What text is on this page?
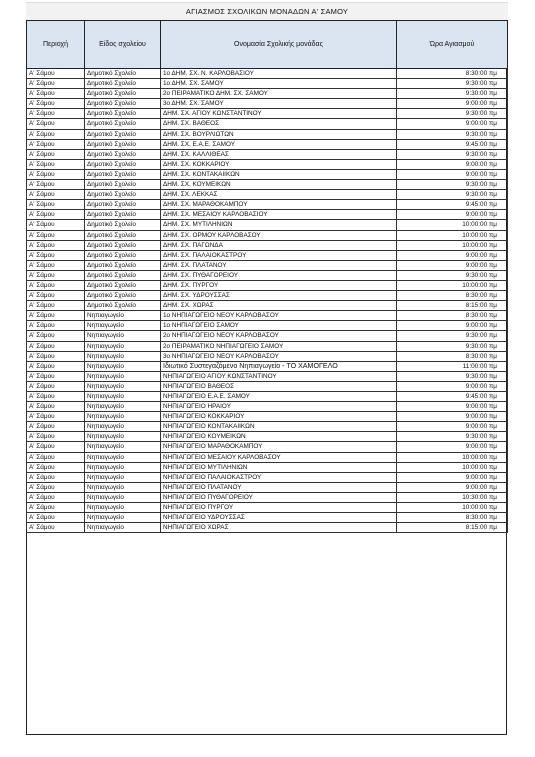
ΑΓΙΑΣΜΟΣ ΣΧΟΛΙΚΩΝ ΜΟΝΑΔΩΝ Α' ΣΑΜΟΥ
Περιοχή	Είδος σχολείου	Ονομασία Σχολικής μονάδας	Ώρα Αγιασμού
Α' Σάμου	Δημοτικό Σχολείο	1ο ΔΗΜ. ΣΧ. Ν. ΚΑΡΛΟΒΑΣΙΟΥ	8:30:00 πμ
Α' Σάμου	Δημοτικό Σχολείο	1ο ΔΗΜ. ΣΧ. ΣΑΜΟΥ	9:30:00 πμ
Α' Σάμου	Δημοτικό Σχολείο	2ο ΠΕΙΡΑΜΑΤΙΚΟ ΔΗΜ. ΣΧ. ΣΑΜΟΥ	9:30:00 πμ
Α' Σάμου	Δημοτικό Σχολείο	3ο ΔΗΜ. ΣΧ. ΣΑΜΟΥ	9:00:00 πμ
Α' Σάμου	Δημοτικό Σχολείο	ΔΗΜ. ΣΧ. ΑΓΙΟΥ ΚΩΝΣΤΑΝΤΙΝΟΥ	9:30:00 πμ
Α' Σάμου	Δημοτικό Σχολείο	ΔΗΜ. ΣΧ. ΒΑΘΕΟΣ	9:00:00 πμ
Α' Σάμου	Δημοτικό Σχολείο	ΔΗΜ. ΣΧ. ΒΟΥΡΛΙΩΤΩΝ	9:30:00 πμ
Α' Σάμου	Δημοτικό Σχολείο	ΔΗΜ. ΣΧ. Ε.Α.Ε. ΣΑΜΟΥ	9:45:00 πμ
Α' Σάμου	Δημοτικό Σχολείο	ΔΗΜ. ΣΧ. ΚΑΛΛΙΘΕΑΣ	9:30:00 πμ
Α' Σάμου	Δημοτικό Σχολείο	ΔΗΜ. ΣΧ. ΚΟΚΚΑΡΙΟΥ	9:00:00 πμ
Α' Σάμου	Δημοτικό Σχολείο	ΔΗΜ. ΣΧ. ΚΟΝΤΑΚΑΙΙΚΩΝ	9:00:00 πμ
Α' Σάμου	Δημοτικό Σχολείο	ΔΗΜ. ΣΧ. ΚΟΥΜΕΙΚΩΝ	9:30:00 πμ
Α' Σάμου	Δημοτικό Σχολείο	ΔΗΜ. ΣΧ. ΛΕΚΚΑΣ	9:30:00 πμ
Α' Σάμου	Δημοτικό Σχολείο	ΔΗΜ. ΣΧ. ΜΑΡΑΘΟΚΑΜΠΟΥ	9:45:00 πμ
Α' Σάμου	Δημοτικό Σχολείο	ΔΗΜ. ΣΧ. ΜΕΣΑΙΟΥ ΚΑΡΛΟΒΑΣΙΟΥ	9:00:00 πμ
Α' Σάμου	Δημοτικό Σχολείο	ΔΗΜ. ΣΧ. ΜΥΤΙΛΗΝΙΩΝ	10:00:00 πμ
Α' Σάμου	Δημοτικό Σχολείο	ΔΗΜ. ΣΧ. ΟΡΜΟΥ ΚΑΡΛΟΒΑΣΟΥ	10:00:00 πμ
Α' Σάμου	Δημοτικό Σχολείο	ΔΗΜ. ΣΧ. ΠΑΓΩΝΔΑ	10:00:00 πμ
Α' Σάμου	Δημοτικό Σχολείο	ΔΗΜ. ΣΧ. ΠΑΛΑΙΟΚΑΣΤΡΟΥ	9:00:00 πμ
Α' Σάμου	Δημοτικό Σχολείο	ΔΗΜ. ΣΧ. ΠΛΑΤΑΝΟΥ	9:00:00 πμ
Α' Σάμου	Δημοτικό Σχολείο	ΔΗΜ. ΣΧ. ΠΥΘΑΓΟΡΕΙΟΥ	9:30:00 πμ
Α' Σάμου	Δημοτικό Σχολείο	ΔΗΜ. ΣΧ. ΠΥΡΓΟΥ	10:00:00 πμ
Α' Σάμου	Δημοτικό Σχολείο	ΔΗΜ. ΣΧ. ΥΔΡΟΥΣΣΑΣ	8:30:00 πμ
Α' Σάμου	Δημοτικό Σχολείο	ΔΗΜ. ΣΧ. ΧΩΡΑΣ	8:15:00 πμ
Α' Σάμου	Νηπιαγωγείο	1ο ΝΗΠΙΑΓΩΓΕΙΟ ΝΕΟΥ ΚΑΡΛΟΒΑΣΟΥ	8:30:00 πμ
Α' Σάμου	Νηπιαγωγείο	1ο ΝΗΠΙΑΓΩΓΕΙΟ ΣΑΜΟΥ	9:00:00 πμ
Α' Σάμου	Νηπιαγωγείο	2ο ΝΗΠΙΑΓΩΓΕΙΟ ΝΕΟΥ ΚΑΡΛΟΒΑΣΟΥ	9:30:00 πμ
Α' Σάμου	Νηπιαγωγείο	2ο ΠΕΙΡΑΜΑΤΙΚΟ ΝΗΠΙΑΓΩΓΕΙΟ ΣΑΜΟΥ	9:30:00 πμ
Α' Σάμου	Νηπιαγωγείο	3ο ΝΗΠΙΑΓΩΓΕΙΟ ΝΕΟΥ ΚΑΡΛΟΒΑΣΟΥ	8:30:00 πμ
Α' Σάμου	Νηπιαγωγείο	Ιδιωτικό Συστεγαζόμενο Νηπιαγωγείο - ΤΟ ΧΑΜΟΓΕΛΟ	11:00:00 πμ
Α' Σάμου	Νηπιαγωγείο	ΝΗΠΙΑΓΩΓΕΙΟ ΑΓΙΟΥ ΚΩΝΣΤΑΝΤΙΝΟΥ	9:30:00 πμ
Α' Σάμου	Νηπιαγωγείο	ΝΗΠΙΑΓΩΓΕΙΟ ΒΑΘΕΟΣ	9:00:00 πμ
Α' Σάμου	Νηπιαγωγείο	ΝΗΠΙΑΓΩΓΕΙΟ Ε.Α.Ε. ΣΑΜΟΥ	9:45:00 πμ
Α' Σάμου	Νηπιαγωγείο	ΝΗΠΙΑΓΩΓΕΙΟ ΗΡΑΙΟΥ	9:00:00 πμ
Α' Σάμου	Νηπιαγωγείο	ΝΗΠΙΑΓΩΓΕΙΟ ΚΟΚΚΑΡΙΟΥ	9:00:00 πμ
Α' Σάμου	Νηπιαγωγείο	ΝΗΠΙΑΓΩΓΕΙΟ ΚΟΝΤΑΚΑΙΙΚΩΝ	9:00:00 πμ
Α' Σάμου	Νηπιαγωγείο	ΝΗΠΙΑΓΩΓΕΙΟ ΚΟΥΜΕΙΚΩΝ	9:30:00 πμ
Α' Σάμου	Νηπιαγωγείο	ΝΗΠΙΑΓΩΓΕΙΟ ΜΑΡΑΘΟΚΑΜΠΟΥ	9:00:00 πμ
Α' Σάμου	Νηπιαγωγείο	ΝΗΠΙΑΓΩΓΕΙΟ ΜΕΣΑΙΟΥ ΚΑΡΛΟΒΑΣΟΥ	10:00:00 πμ
Α' Σάμου	Νηπιαγωγείο	ΝΗΠΙΑΓΩΓΕΙΟ ΜΥΤΙΛΗΝΙΩΝ	10:00:00 πμ
Α' Σάμου	Νηπιαγωγείο	ΝΗΠΙΑΓΩΓΕΙΟ ΠΑΛΑΙΟΚΑΣΤΡΟΥ	9:00:00 πμ
Α' Σάμου	Νηπιαγωγείο	ΝΗΠΙΑΓΩΓΕΙΟ ΠΛΑΤΑΝΟΥ	9:00:00 πμ
Α' Σάμου	Νηπιαγωγείο	ΝΗΠΙΑΓΩΓΕΙΟ ΠΥΘΑΓΟΡΕΙΟΥ	10:30:00 πμ
Α' Σάμου	Νηπιαγωγείο	ΝΗΠΙΑΓΩΓΕΙΟ ΠΥΡΓΟΥ	10:00:00 πμ
Α' Σάμου	Νηπιαγωγείο	ΝΗΠΙΑΓΩΓΕΙΟ ΥΔΡΟΥΣΣΑΣ	8:30:00 πμ
Α' Σάμου	Νηπιαγωγείο	ΝΗΠΙΑΓΩΓΕΙΟ ΧΩΡΑΣ	8:15:00 πμ
